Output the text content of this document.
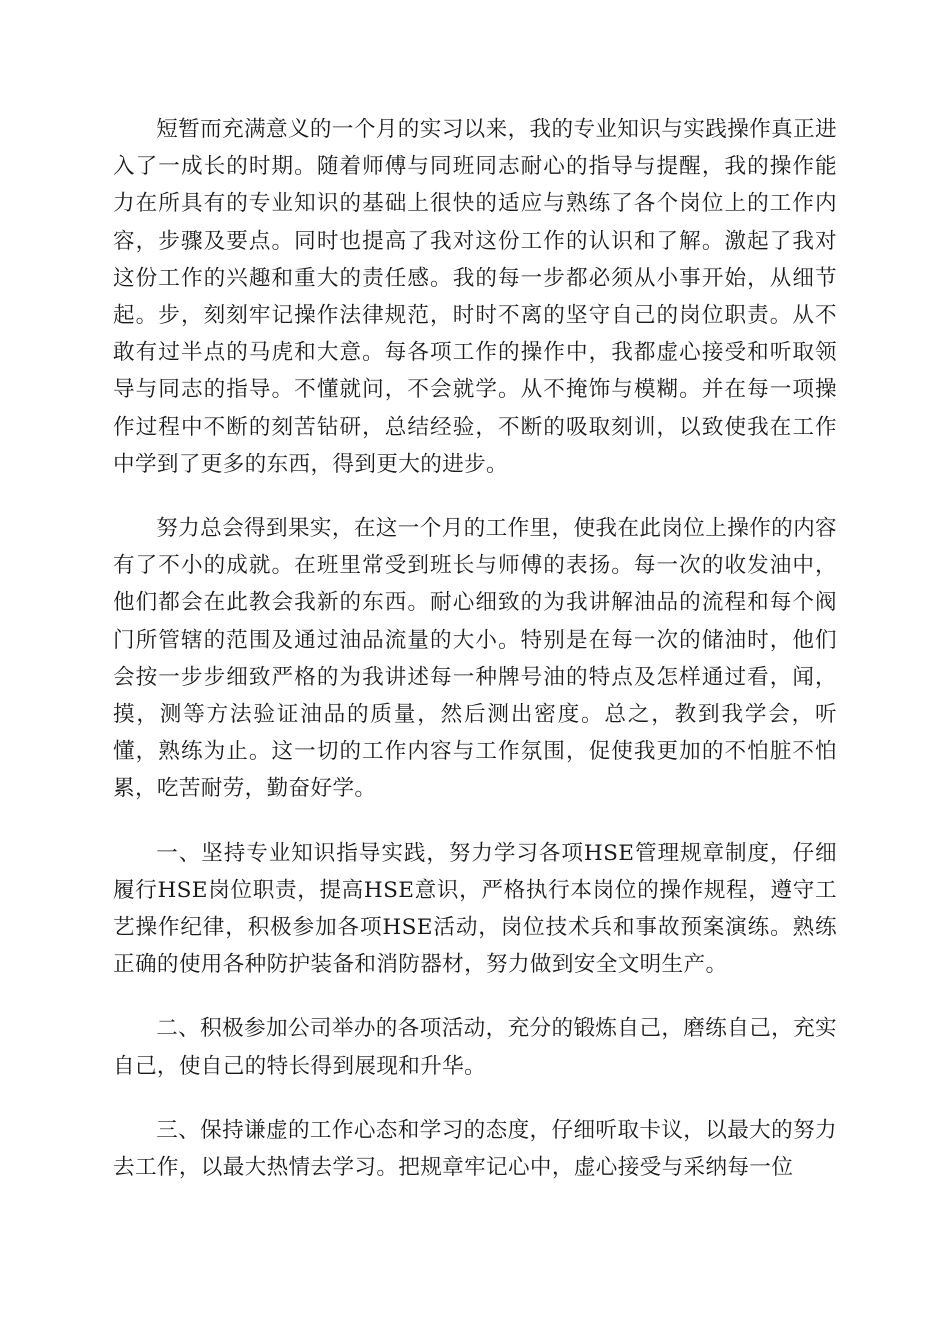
短暂而充满意义的一个月的实习以来，我的专业知识与实践操作真正进入了一成长的时期。随着师傅与同班同志耐心的指导与提醒，我的操作能力在所具有的专业知识的基础上很快的适应与熟练了各个岗位上的工作内容，步骤及要点。同时也提高了我对这份工作的认识和了解。激起了我对这份工作的兴趣和重大的责任感。我的每一步都必须从小事开始，从细节起。步，刻刻牢记操作法律规范，时时不离的坚守自己的岗位职责。从不敢有过半点的马虎和大意。每各项工作的操作中，我都虚心接受和听取领导与同志的指导。不懂就问，不会就学。从不掩饰与模糊。并在每一项操作过程中不断的刻苦钻研，总结经验，不断的吸取刻训，以致使我在工作中学到了更多的东西，得到更大的进步。

努力总会得到果实，在这一个月的工作里，使我在此岗位上操作的内容有了不小的成就。在班里常受到班长与师傅的表扬。每一次的收发油中，他们都会在此教会我新的东西。耐心细致的为我讲解油品的流程和每个阀门所管辖的范围及通过油品流量的大小。特别是在每一次的储油时，他们会按一步步细致严格的为我讲述每一种牌号油的特点及怎样通过看，闻，摸，测等方法验证油品的质量，然后测出密度。总之，教到我学会，听懂，熟练为止。这一切的工作内容与工作氛围，促使我更加的不怕脏不怕累，吃苦耐劳，勤奋好学。

一、坚持专业知识指导实践，努力学习各项HSE管理规章制度，仔细履行HSE岗位职责，提高HSE意识，严格执行本岗位的操作规程，遵守工艺操作纪律，积极参加各项HSE活动，岗位技术兵和事故预案演练。熟练正确的使用各种防护装备和消防器材，努力做到安全文明生产。

二、积极参加公司举办的各项活动，充分的锻炼自己，磨练自己，充实自己，使自己的特长得到展现和升华。

三、保持谦虚的工作心态和学习的态度，仔细听取卡议，以最大的努力去工作，以最大热情去学习。把规章牢记心中，虚心接受与采纳每一位
